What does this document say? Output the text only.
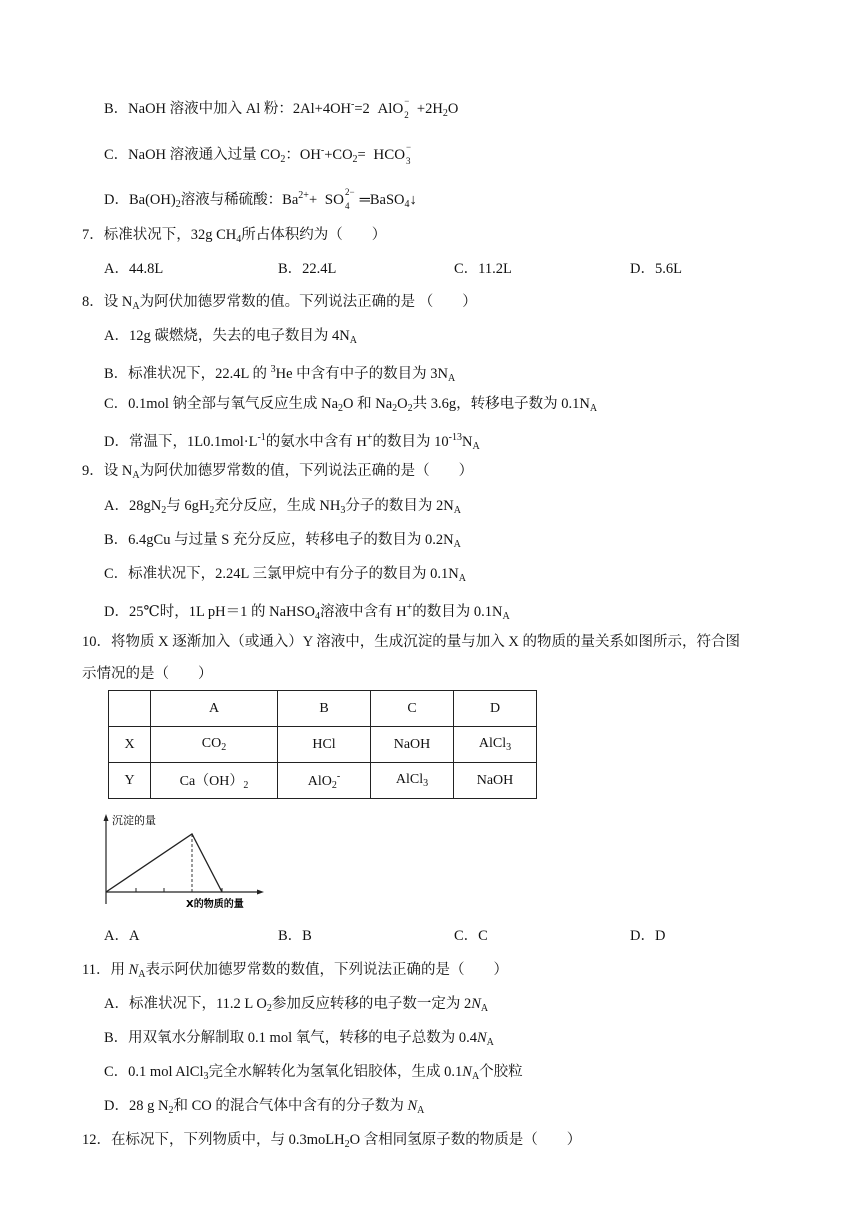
B．NaOH 溶液中加入 Al 粉：2Al+4OH-=2 AlO −
$2 +2H_2O$
C．NaOH 溶液通入过量 $CO_2$：$OH^-+CO_2=$ HCO −
3
D．$Ba(OH)_2$溶液与稀硫酸：$Ba^{2+}+$ SO 2−
4 ═BaSO$_4$↓
7．标准状况下，32g $CH_4$所占体积约为（　　）
A．44.8L	B．22.4L	C．11.2L	D．5.6L
8．设 $N_A$为阿伏加德罗常数的值。下列说法正确的是 （　　）
A．12g 碳燃烧，失去的电子数目为 $4N_A$
B．标准状况下，22.4L 的 $^3$He 中含有中子的数目为 $3N_A$
C．0.1mol 钠全部与氧气反应生成 $Na_2O$ 和 $Na_2O_2$共 3.6g，转移电子数为 $0.1N_A$
D．常温下，$1L0.1mol\cdot L^{-1}$的氨水中含有 H+的数目为 $10^{-13}N_A$
9．设 $N_A$为阿伏加德罗常数的值，下列说法正确的是（　　）
A．$28gN_2$与 $6gH_2$充分反应，生成 $NH_3$分子的数目为 $2N_A$
B．6.4gCu 与过量 S 充分反应，转移电子的数目为 $0.2N_A$
C．标准状况下，2.24L 三氯甲烷中有分子的数目为 $0.1N_A$
D．25℃时，1L pH＝1 的 NaHSO$_4$溶液中含有 H+的数目为 $0.1N_A$
10．将物质 X 逐渐加入（或通入）Y 溶液中，生成沉淀的量与加入 X 的物质的量关系如图所示，符合图
示情况的是（　　）
	A	B	C	D
X	$CO_2$	HCl	NaOH	AlCl$_3$
Y	$Ca(OH)_2$	AlO$_2$-	AlCl$_3$	NaOH
沉淀的量
X的物质的量
A．A	B．B	C．C	D．D
11．用 $N_A$表示阿伏加德罗常数的数值，下列说法正确的是（　　）
A．标准状况下，11.2 L $O_2$参加反应转移的电子数一定为 $2N_A$
B．用双氧水分解制取 0.1 mol 氧气，转移的电子总数为 $0.4N_A$
C．0.1 mol AlCl$_3$完全水解转化为氢氧化铝胶体，生成 $0.1N_A$个胶粒
D．28 g $N_2$和 CO 的混合气体中含有的分子数为 $N_A$
12．在标况下，下列物质中，与 0.3moLH$_2$O 含相同氢原子数的物质是（　　）
